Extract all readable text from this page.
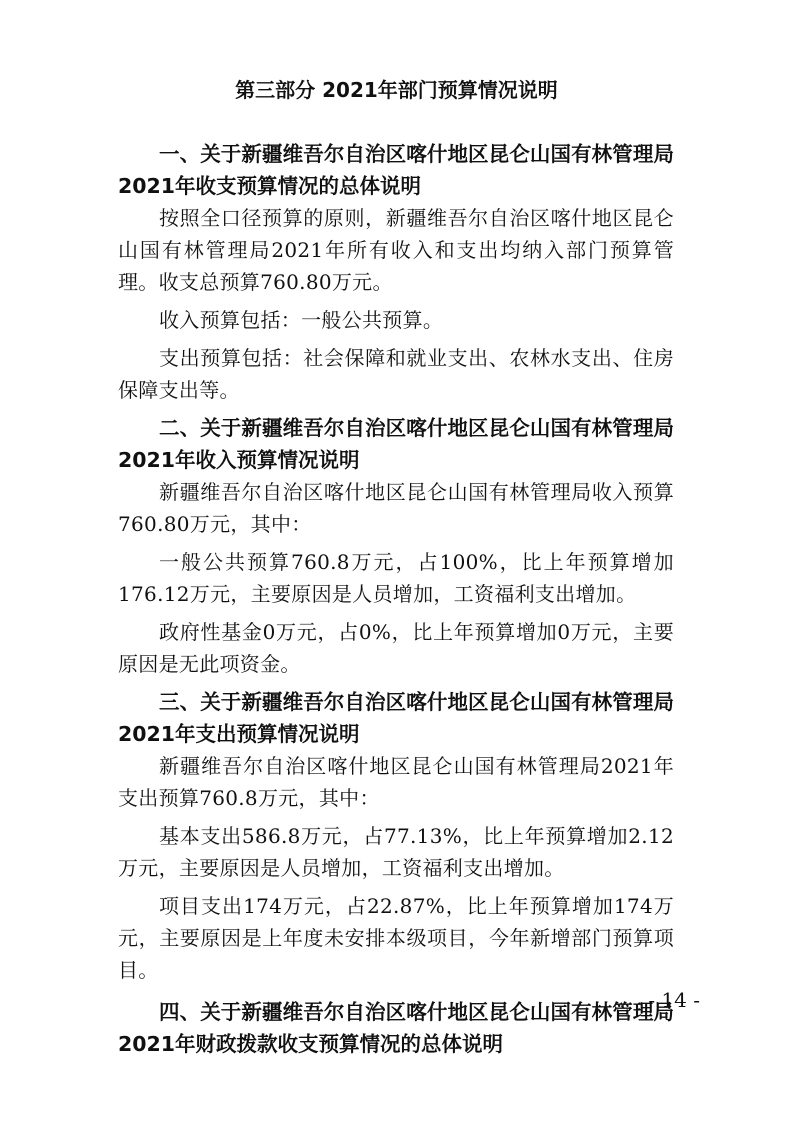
第三部分 2021年部门预算情况说明

一、关于新疆维吾尔自治区喀什地区昆仑山国有林管理局2021年收支预算情况的总体说明

按照全口径预算的原则，新疆维吾尔自治区喀什地区昆仑山国有林管理局2021年所有收入和支出均纳入部门预算管理。收支总预算760.80万元。

收入预算包括：一般公共预算。

支出预算包括：社会保障和就业支出、农林水支出、住房保障支出等。

二、关于新疆维吾尔自治区喀什地区昆仑山国有林管理局2021年收入预算情况说明

新疆维吾尔自治区喀什地区昆仑山国有林管理局收入预算760.80万元，其中：

一般公共预算760.8万元，占100%，比上年预算增加176.12万元，主要原因是人员增加，工资福利支出增加。

政府性基金0万元，占0%，比上年预算增加0万元，主要原因是无此项资金。

三、关于新疆维吾尔自治区喀什地区昆仑山国有林管理局2021年支出预算情况说明

新疆维吾尔自治区喀什地区昆仑山国有林管理局2021年支出预算760.8万元，其中：

基本支出586.8万元，占77.13%，比上年预算增加2.12万元，主要原因是人员增加，工资福利支出增加。

项目支出174万元，占22.87%，比上年预算增加174万元，主要原因是上年度未安排本级项目，今年新增部门预算项目。

四、关于新疆维吾尔自治区喀什地区昆仑山国有林管理局2021年财政拨款收支预算情况的总体说明

- 14 -
